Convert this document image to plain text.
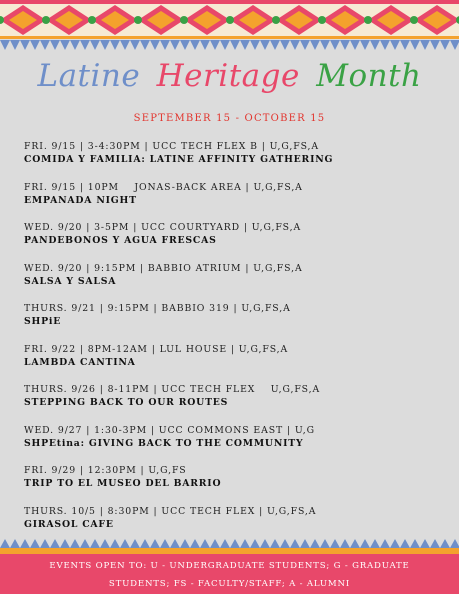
Latine Heritage Month
SEPTEMBER 15 - OCTOBER 15
FRI. 9/15 | 3-4:30PM | UCC TECH FLEX B | U,G,FS,A
COMIDA Y FAMILIA: LATINE AFFINITY GATHERING
FRI. 9/15 | 10PM    JONAS-BACK AREA | U,G,FS,A
EMPANADA NIGHT
WED. 9/20 | 3-5PM | UCC COURTYARD | U,G,FS,A
PANDEBONOS Y AGUA FRESCAS
WED. 9/20 | 9:15PM | BABBIO ATRIUM | U,G,FS,A
SALSA Y SALSA
THURS. 9/21 | 9:15PM | BABBIO 319 | U,G,FS,A
SHPiE
FRI. 9/22 | 8PM-12AM | LUL HOUSE | U,G,FS,A
LAMBDA CANTINA
THURS. 9/26 | 8-11PM | UCC TECH FLEX    U,G,FS,A
STEPPING BACK TO OUR ROUTES
WED. 9/27 | 1:30-3PM | UCC COMMONS EAST | U,G
SHPEtina: GIVING BACK TO THE COMMUNITY
FRI. 9/29 | 12:30PM | U,G,FS
TRIP TO EL MUSEO DEL BARRIO
THURS. 10/5 | 8:30PM | UCC TECH FLEX | U,G,FS,A
GIRASOL CAFE
EVENTS OPEN TO: U - UNDERGRADUATE STUDENTS; G - GRADUATE
STUDENTS; FS - FACULTY/STAFF; A - ALUMNI
